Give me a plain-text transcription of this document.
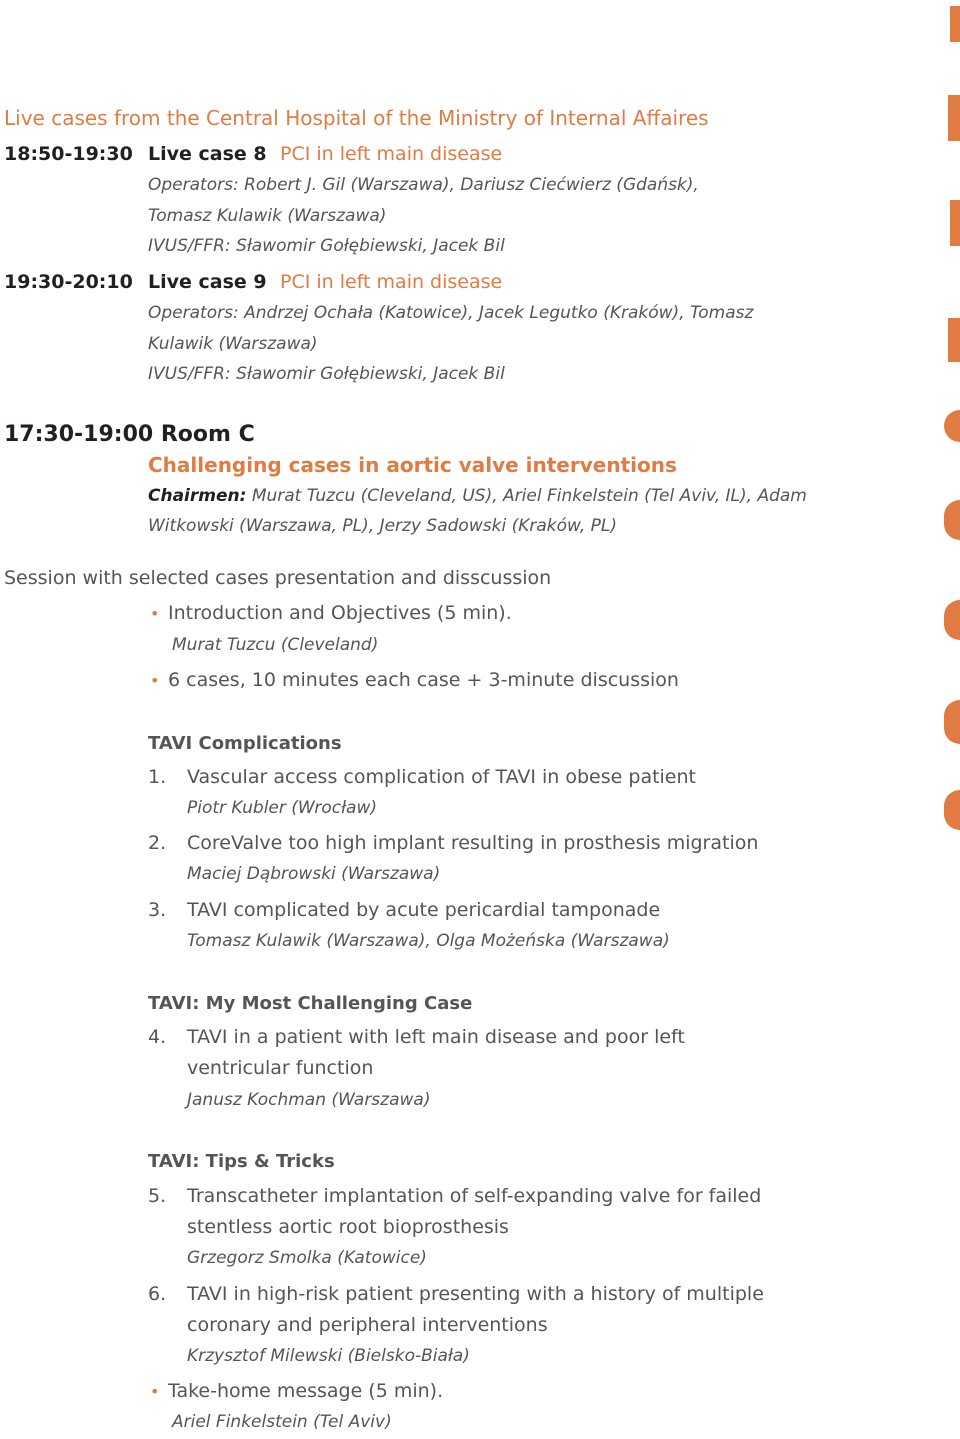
Live cases from the Central Hospital of the Ministry of Internal Affaires
18:50-19:30 Live case 8 PCI in left main disease
Operators: Robert J. Gil (Warszawa), Dariusz Ciećwierz (Gdańsk),
Tomasz Kulawik (Warszawa)
IVUS/FFR: Sławomir Gołębiewski, Jacek Bil
19:30-20:10 Live case 9 PCI in left main disease
Operators: Andrzej Ochała (Katowice), Jacek Legutko (Kraków), Tomasz
Kulawik (Warszawa)
IVUS/FFR: Sławomir Gołębiewski, Jacek Bil
17:30-19:00 Room C
Challenging cases in aortic valve interventions
Chairmen: Murat Tuzcu (Cleveland, US), Ariel Finkelstein (Tel Aviv, IL), Adam
Witkowski (Warszawa, PL), Jerzy Sadowski (Kraków, PL)
Session with selected cases presentation and disscussion
• Introduction and Objectives (5 min).
Murat Tuzcu (Cleveland)
• 6 cases, 10 minutes each case + 3-minute discussion
TAVI Complications
1. Vascular access complication of TAVI in obese patient
Piotr Kubler (Wrocław)
2. CoreValve too high implant resulting in prosthesis migration
Maciej Dąbrowski (Warszawa)
3. TAVI complicated by acute pericardial tamponade
Tomasz Kulawik (Warszawa), Olga Możeńska (Warszawa)
TAVI: My Most Challenging Case
4. TAVI in a patient with left main disease and poor left
ventricular function
Janusz Kochman (Warszawa)
TAVI: Tips & Tricks
5. Transcatheter implantation of self-expanding valve for failed
stentless aortic root bioprosthesis
Grzegorz Smolka (Katowice)
6. TAVI in high-risk patient presenting with a history of multiple
coronary and peripheral interventions
Krzysztof Milewski (Bielsko-Biała)
• Take-home message (5 min).
Ariel Finkelstein (Tel Aviv)
